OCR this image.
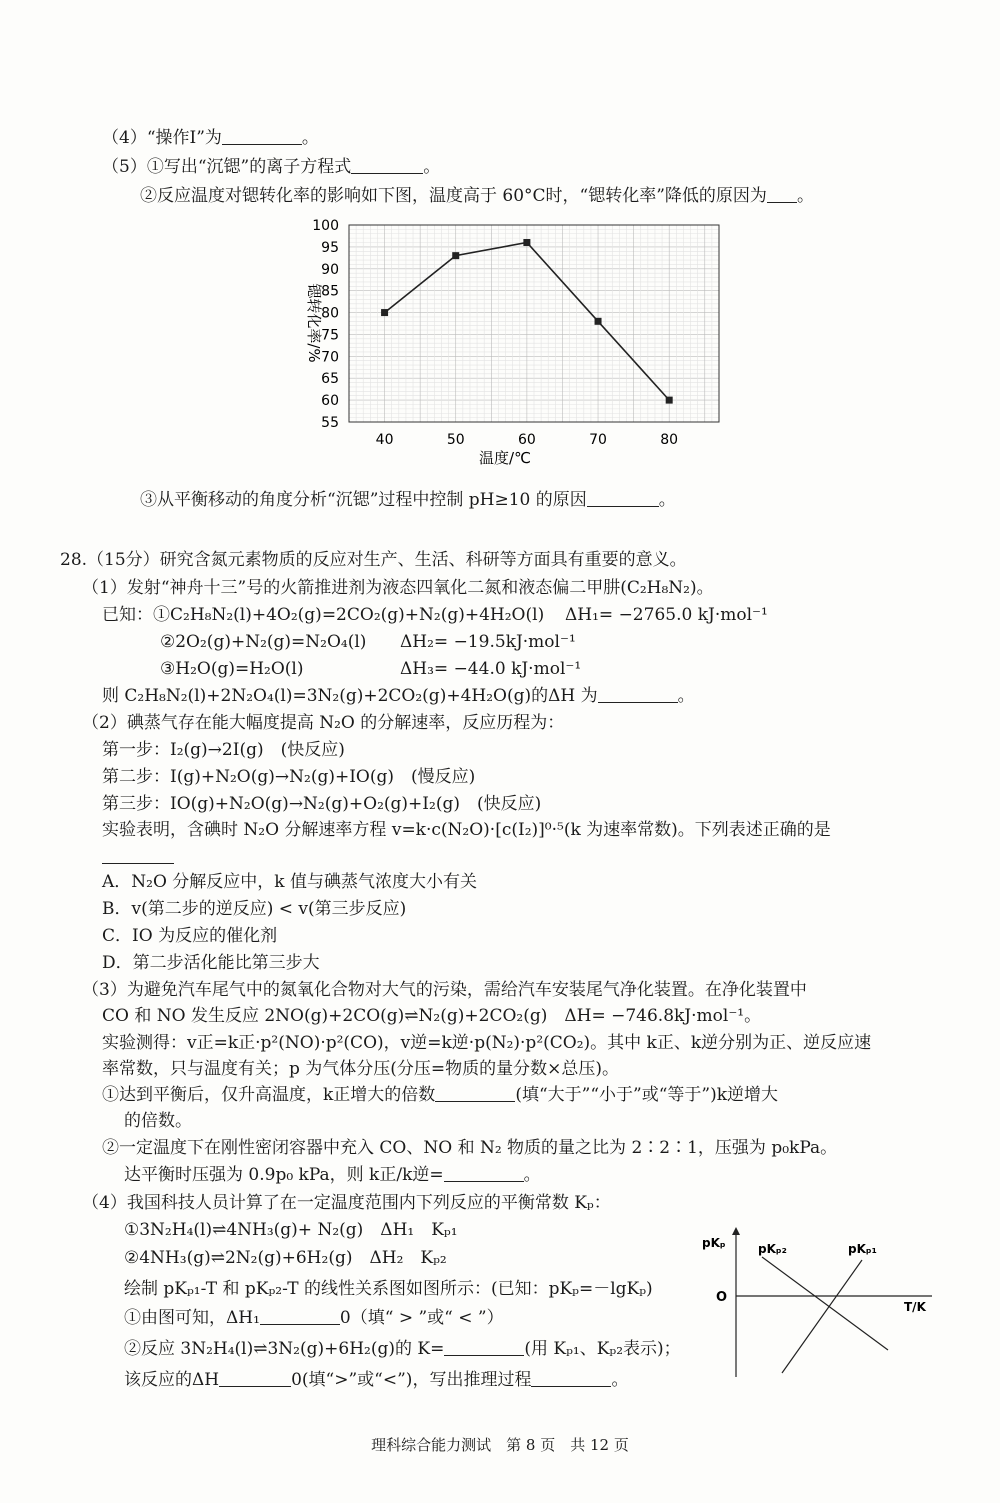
（4）“操作Ⅰ”为	。
（5）①写出“沉锶”的离子方程式	。
②反应温度对锶转化率的影响如下图，温度高于 60°C时，“锶转化率”降低的原因为 。
55
60
65
70
75
80
85
90
95
100
40	50	60	70	80
温度/℃
锶转化率/%
③从平衡移动的角度分析“沉锶”过程中控制 pH≥10 的原因	。
28.（15分）研究含氮元素物质的反应对生产、生活、科研等方面具有重要的意义。
（1）发射“神舟十三”号的火箭推进剂为液态四氧化二氮和液态偏二甲肼(C₂H₈N₂)。
已知：①C₂H₈N₂(l)+4O₂(g)=2CO₂(g)+N₂(g)+4H₂O(l) ΔH₁= −2765.0 kJ·mol⁻¹
②2O₂(g)+N₂(g)=N₂O₄(l) ΔH₂= −19.5kJ·mol⁻¹
③H₂O(g)=H₂O(l)	ΔH₃= −44.0 kJ·mol⁻¹
则 C₂H₈N₂(l)+2N₂O₄(l)=3N₂(g)+2CO₂(g)+4H₂O(g)的ΔH 为	。
（2）碘蒸气存在能大幅度提高 N₂O 的分解速率，反应历程为：
第一步：I₂(g)→2I(g)　(快反应)
第二步：I(g)+N₂O(g)→N₂(g)+IO(g)　(慢反应)
第三步：IO(g)+N₂O(g)→N₂(g)+O₂(g)+I₂(g)　(快反应)
实验表明，含碘时 N₂O 分解速率方程 v=k·c(N₂O)·[c(I₂)]⁰·⁵(k 为速率常数)。下列表述正确的是
A．N₂O 分解反应中，k 值与碘蒸气浓度大小有关
B．v(第二步的逆反应) < v(第三步反应)
C．IO 为反应的催化剂
D．第二步活化能比第三步大
（3）为避免汽车尾气中的氮氧化合物对大气的污染，需给汽车安装尾气净化装置。在净化装置中
CO 和 NO 发生反应 2NO(g)+2CO(g)⇌N₂(g)+2CO₂(g)　ΔH= −746.8kJ·mol⁻¹。
实验测得：v正=k正·p²(NO)·p²(CO)，v逆=k逆·p(N₂)·p²(CO₂)。其中 k正、k逆分别为正、逆反应速
率常数，只与温度有关；p 为气体分压(分压=物质的量分数×总压)。
①达到平衡后，仅升高温度，k正增大的倍数	(填“大于”“小于”或“等于”)k逆增大
的倍数。
②一定温度下在刚性密闭容器中充入 CO、NO 和 N₂ 物质的量之比为 2∶2∶1，压强为 p₀kPa。
达平衡时压强为 0.9p₀ kPa，则 k正/k逆=	。
（4）我国科技人员计算了在一定温度范围内下列反应的平衡常数 Kₚ：
①3N₂H₄(l)⇌4NH₃(g)+ N₂(g)　ΔH₁　Kₚ₁
②4NH₃(g)⇌2N₂(g)+6H₂(g)　ΔH₂　Kₚ₂
绘制 pKₚ₁-T 和 pKₚ₂-T 的线性关系图如图所示：(已知：pKₚ=－lgKₚ)
①由图可知，ΔH₁	0（填“ > ”或“ < ”）
②反应 3N₂H₄(l)⇌3N₂(g)+6H₂(g)的 K=	(用 Kₚ₁、Kₚ₂表示)；
该反应的ΔH	0(填“>”或“<”)，写出推理过程	。
pKₚ
O
T/K
pKₚ₂	pKₚ₁
理科综合能力测试　第 8 页　共 12 页
